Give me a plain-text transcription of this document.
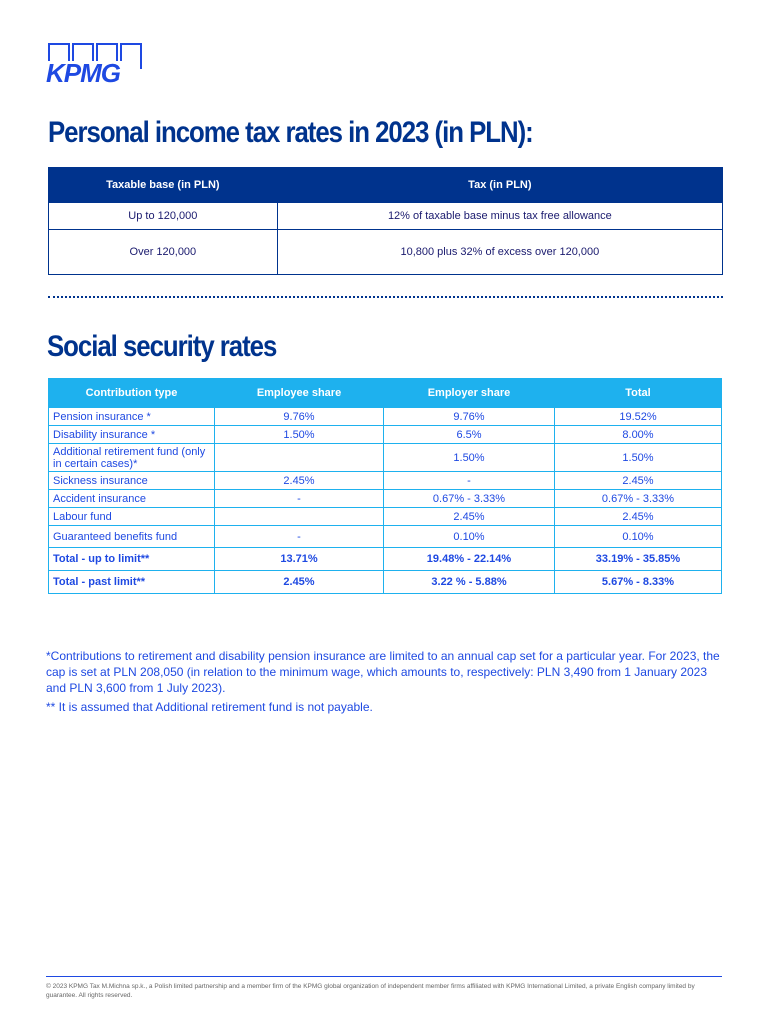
KPMG
Personal income tax rates in 2023 (in PLN):
Taxable base (in PLN)	Tax (in PLN)
Up to 120,000	12% of taxable base minus tax free allowance
Over 120,000	10,800 plus 32% of excess over 120,000
Social security rates
Contribution type	Employee share	Employer share	Total
Pension insurance *	9.76%	9.76%	19.52%
Disability insurance *	1.50%	6.5%	8.00%
Additional retirement fund (only in certain cases)*		1.50%	1.50%
Sickness insurance	2.45%	-	2.45%
Accident insurance	-	0.67% - 3.33%	0.67% - 3.33%
Labour fund		2.45%	2.45%
Guaranteed benefits fund	-	0.10%	0.10%
Total - up to limit**	13.71%	19.48% - 22.14%	33.19% - 35.85%
Total - past limit**	2.45%	3.22 % - 5.88%	5.67% - 8.33%

*Contributions to retirement and disability pension insurance are limited to an annual cap set for a particular year. For 2023, the cap is set at PLN 208,050 (in relation to the minimum wage, which amounts to, respectively: PLN 3,490 from 1 January 2023 and PLN 3,600 from 1 July 2023).

** It is assumed that Additional retirement fund is not payable.

© 2023 KPMG Tax M.Michna sp.k., a Polish limited partnership and a member firm of the KPMG global organization of independent member firms affiliated with KPMG International Limited, a private English company limited by guarantee. All rights reserved.
